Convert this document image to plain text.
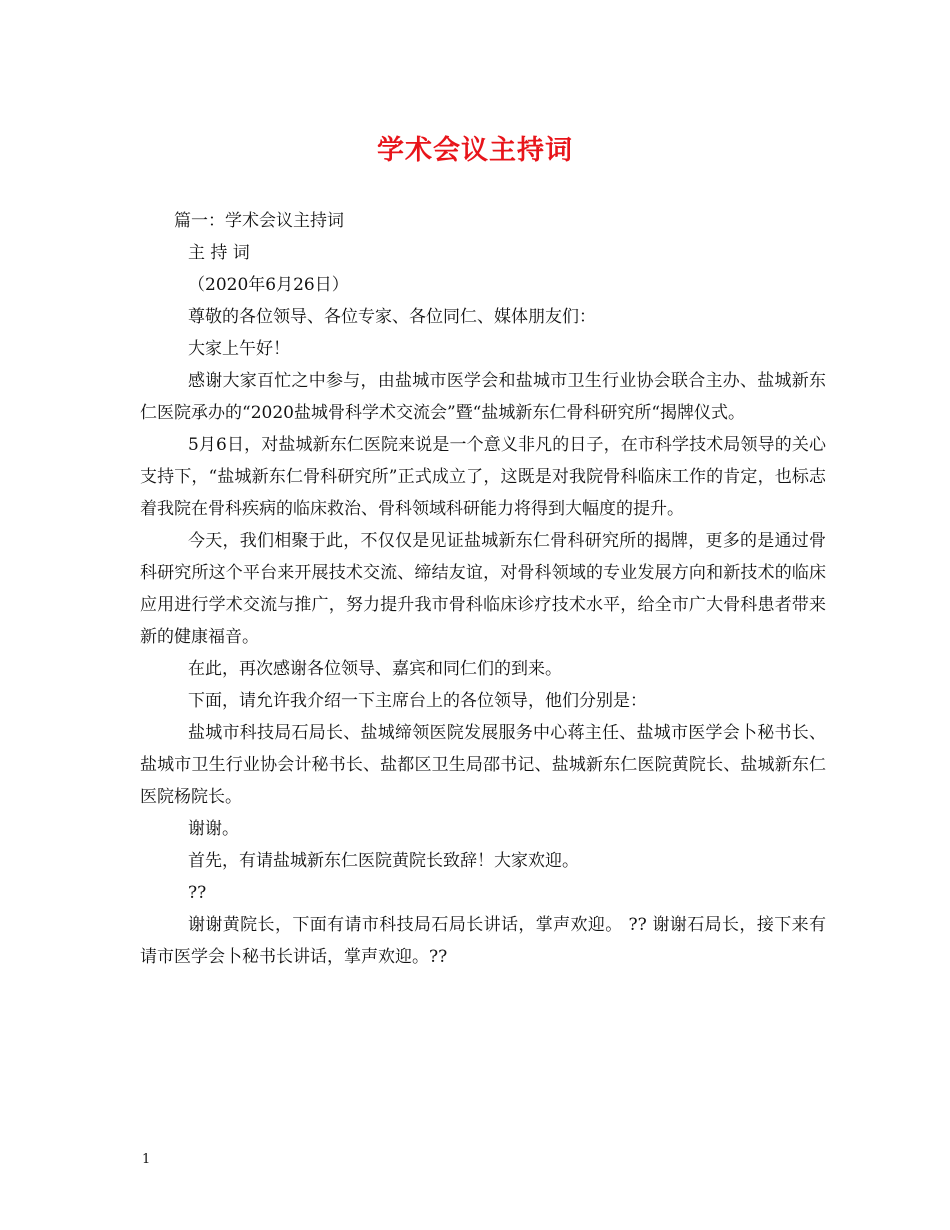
学术会议主持词

篇一：学术会议主持词

主 持 词

（2020年6月26日）

尊敬的各位领导、各位专家、各位同仁、媒体朋友们：

大家上午好！

感谢大家百忙之中参与，由盐城市医学会和盐城市卫生行业协会联合主办、盐城新东仁医院承办的“2020盐城骨科学术交流会”暨“盐城新东仁骨科研究所“揭牌仪式。

5月6日，对盐城新东仁医院来说是一个意义非凡的日子，在市科学技术局领导的关心支持下，“盐城新东仁骨科研究所”正式成立了，这既是对我院骨科临床工作的肯定，也标志着我院在骨科疾病的临床救治、骨科领域科研能力将得到大幅度的提升。

今天，我们相聚于此，不仅仅是见证盐城新东仁骨科研究所的揭牌，更多的是通过骨科研究所这个平台来开展技术交流、缔结友谊，对骨科领域的专业发展方向和新技术的临床应用进行学术交流与推广，努力提升我市骨科临床诊疗技术水平，给全市广大骨科患者带来新的健康福音。

在此，再次感谢各位领导、嘉宾和同仁们的到来。

下面，请允许我介绍一下主席台上的各位领导，他们分别是：

盐城市科技局石局长、盐城缔领医院发展服务中心蒋主任、盐城市医学会卜秘书长、盐城市卫生行业协会计秘书长、盐都区卫生局邵书记、盐城新东仁医院黄院长、盐城新东仁医院杨院长。

谢谢。

首先，有请盐城新东仁医院黄院长致辞！大家欢迎。

??

谢谢黄院长，下面有请市科技局石局长讲话，掌声欢迎。 ?? 谢谢石局长，接下来有请市医学会卜秘书长讲话，掌声欢迎。??

1
